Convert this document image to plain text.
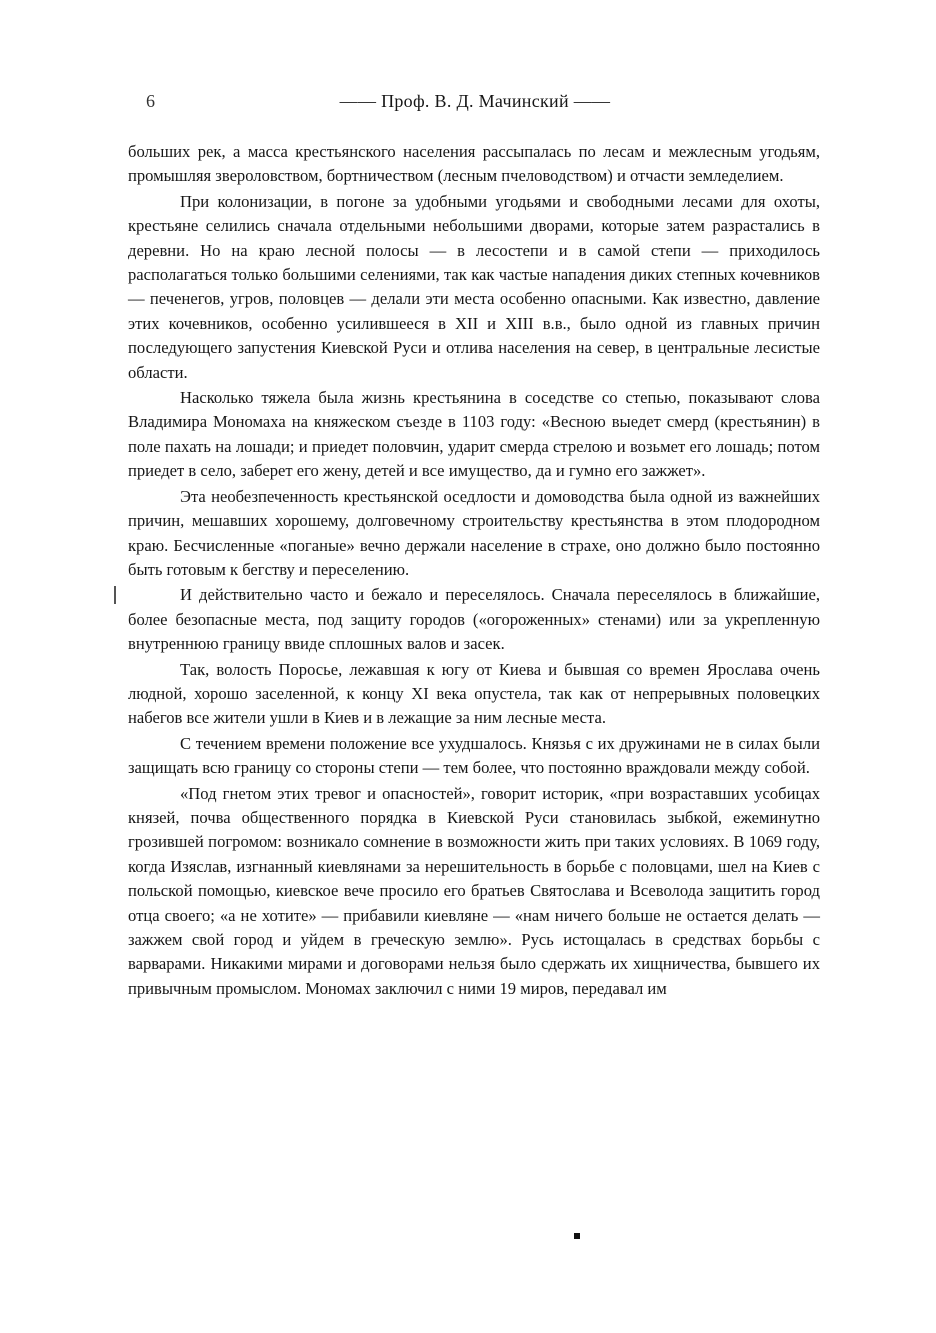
6	—— Проф. В. Д. Мачинский ——

больших рек, а масса крестьянского населения рассыпалась по лесам и межлесным угодьям, промышляя звероловством, бортничеством (лесным пчеловодством) и отчасти земледелием.

При колонизации, в погоне за удобными угодьями и свободными лесами для охоты, крестьяне селились сначала отдельными небольшими дворами, которые затем разрастались в деревни. Но на краю лесной полосы — в лесостепи и в самой степи — приходилось располагаться только большими селениями, так как частые нападения диких степных кочевников — печенегов, угров, половцев — делали эти места особенно опасными. Как известно, давление этих кочевников, особенно усилившееся в XII и XIII в.в., было одной из главных причин последующего запустения Киевской Руси и отлива населения на север, в центральные лесистые области.

Насколько тяжела была жизнь крестьянина в соседстве со степью, показывают слова Владимира Мономаха на княжеском съезде в 1103 году: «Весною выедет смерд (крестьянин) в поле пахать на лошади; и приедет половчин, ударит смерда стрелою и возьмет его лошадь; потом приедет в село, заберет его жену, детей и все имущество, да и гумно его зажжет».

Эта необезпеченность крестьянской оседлости и домоводства была одной из важнейших причин, мешавших хорошему, долговечному строительству крестьянства в этом плодородном краю. Бесчисленные «поганые» вечно держали население в страхе, оно должно было постоянно быть готовым к бегству и переселению.

И действительно часто и бежало и переселялось. Сначала переселялось в ближайшие, более безопасные места, под защиту городов («огороженных» стенами) или за укрепленную внутреннюю границу ввиде сплошных валов и засек.

Так, волость Поросье, лежавшая к югу от Киева и бывшая со времен Ярослава очень людной, хорошо заселенной, к концу XI века опустела, так как от непрерывных половецких набегов все жители ушли в Киев и в лежащие за ним лесные места.

С течением времени положение все ухудшалось. Князья с их дружинами не в силах были защищать всю границу со стороны степи — тем более, что постоянно враждовали между собой.

«Под гнетом этих тревог и опасностей», говорит историк, «при возраставших усобицах князей, почва общественного порядка в Киевской Руси становилась зыбкой, ежеминутно грозившей погромом: возникало сомнение в возможности жить при таких условиях. В 1069 году, когда Изяслав, изгнанный киевлянами за нерешительность в борьбе с половцами, шел на Киев с польской помощью, киевское вече просило его братьев Святослава и Всеволода защитить город отца своего; «а не хотите» — прибавили киевляне — «нам ничего больше не остается делать — зажжем свой город и уйдем в греческую землю». Русь истощалась в средствах борьбы с варварами. Никакими мирами и договорами нельзя было сдержать их хищничества, бывшего их привычным промыслом. Мономах заключил с ними 19 миров, передавал им
